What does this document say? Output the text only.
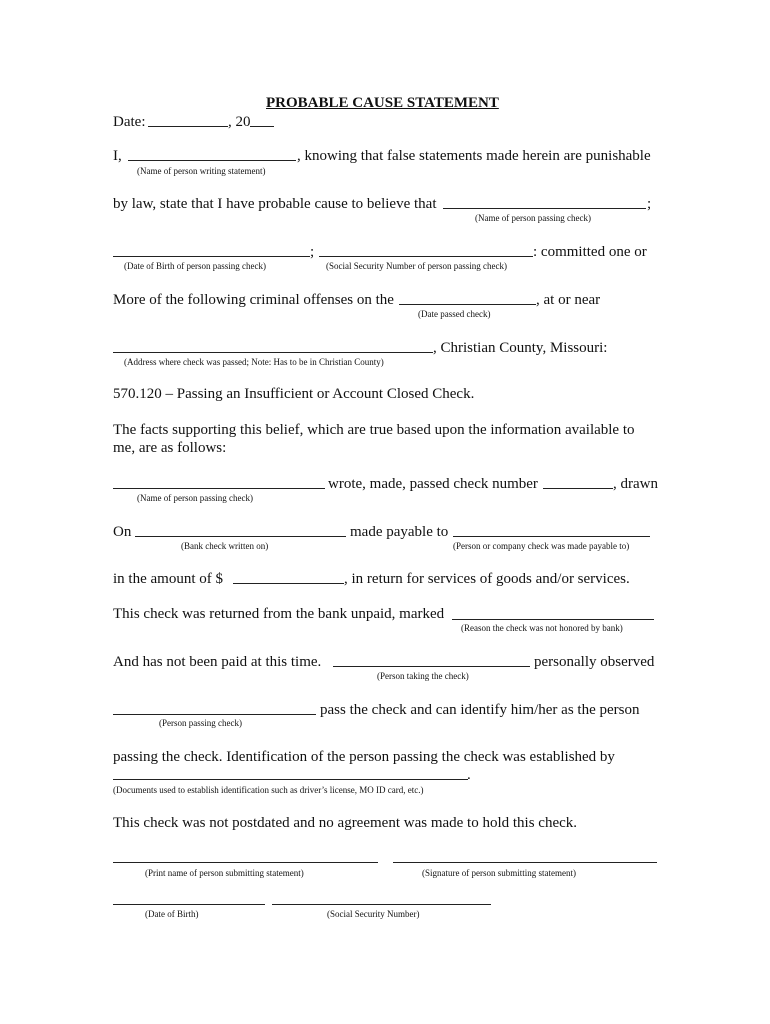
PROBABLE CAUSE STATEMENT
Date:	, 20
I,	, knowing that false statements made herein are punishable
(Name of person writing statement)
by law, state that I have probable cause to believe that	;
(Name of person passing check)
;	: committed one or
(Date of Birth of person passing check)	(Social Security Number of person passing check)
More of the following criminal offenses on the	, at or near
(Date passed check)
, Christian County, Missouri:
(Address where check was passed; Note: Has to be in Christian County)
570.120 – Passing an Insufficient or Account Closed Check.
The facts supporting this belief, which are true based upon the information available to
me, are as follows:
wrote, made, passed check number	, drawn
(Name of person passing check)
On	made payable to
(Bank check written on)	(Person or company check was made payable to)
in the amount of $	, in return for services of goods and/or services.
This check was returned from the bank unpaid, marked
(Reason the check was not honored by bank)
And has not been paid at this time.	personally observed
(Person taking the check)
pass the check and can identify him/her as the person
(Person passing check)
passing the check. Identification of the person passing the check was established by
.
(Documents used to establish identification such as driver’s license, MO ID card, etc.)
This check was not postdated and no agreement was made to hold this check.
(Print name of person submitting statement)	(Signature of person submitting statement)
(Date of Birth)	(Social Security Number)
